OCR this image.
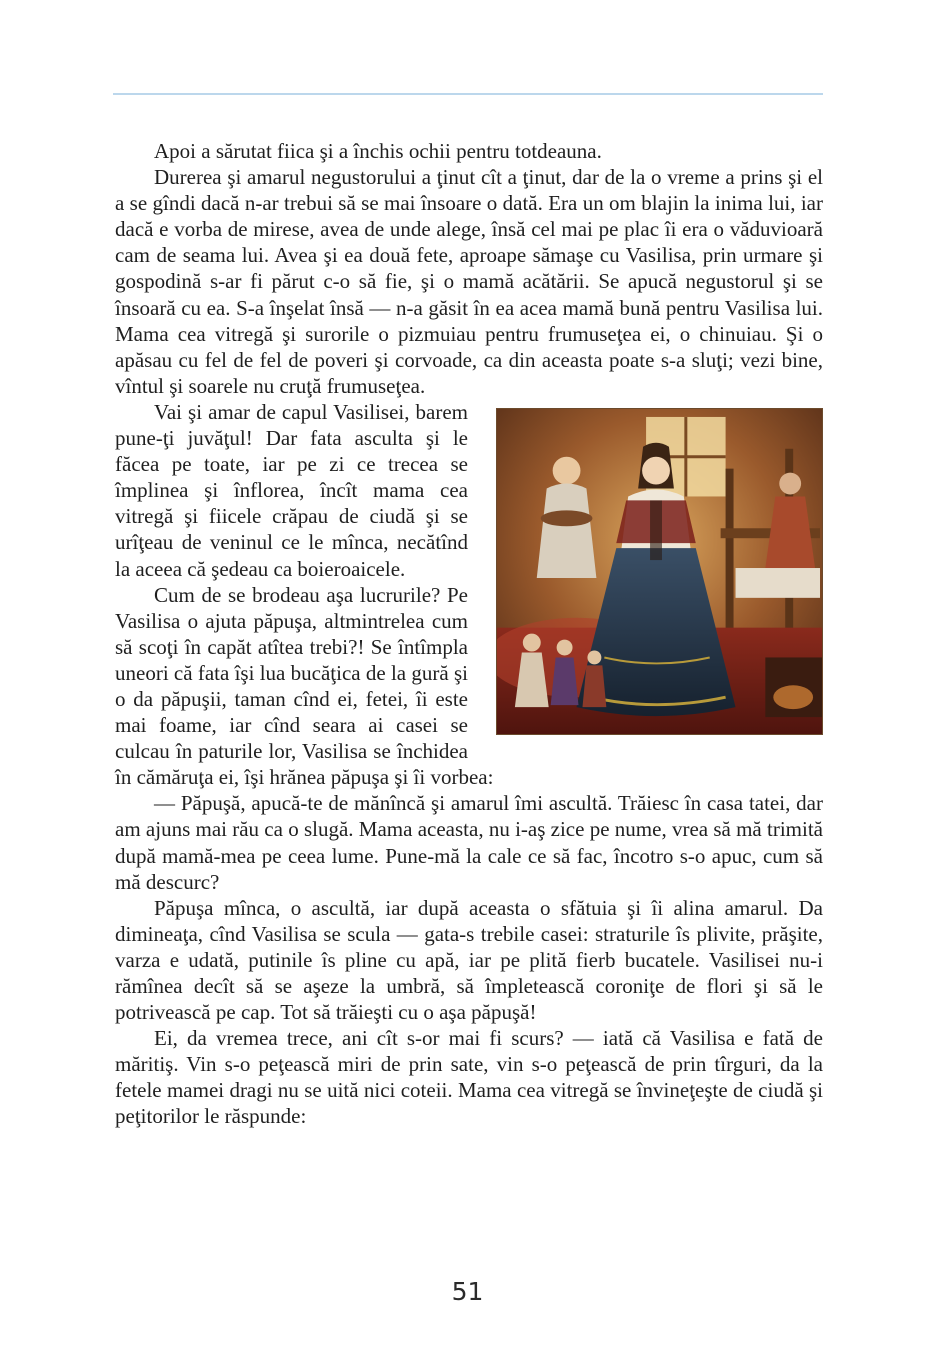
Apoi a sărutat fiica şi a închis ochii pentru totdeauna.

Durerea şi amarul negustorului a ţinut cît a ţinut, dar de la o vreme a prins şi el a se gîndi dacă n-ar trebui să se mai însoare o dată. Era un om blajin la inima lui, iar dacă e vorba de mirese, avea de unde alege, însă cel mai pe plac îi era o văduvioară cam de seama lui. Avea şi ea două fete, aproape sămaşe cu Vasilisa, prin urmare şi gospodină s-ar fi părut c-o să fie, şi o mamă acătării. Se apucă negustorul şi se însoară cu ea. S-a înşelat însă — n-a găsit în ea acea mamă bună pentru Vasilisa lui. Mama cea vitregă şi surorile o pizmuiau pentru frumuseţea ei, o chinuiau. Şi o apăsau cu fel de fel de poveri şi corvoade, ca din aceasta poate s-a sluţi; vezi bine, vîntul şi soarele nu cruţă frumuseţea.

Vai şi amar de capul Vasilisei, barem pune-ţi juvăţul! Dar fata asculta şi le făcea pe toate, iar pe zi ce trecea se împlinea şi înflorea, încît mama cea vitregă şi fiicele crăpau de ciudă şi se urîţeau de veninul ce le mînca, necătînd la aceea că şedeau ca boieroaicele.

Cum de se brodeau aşa lucrurile? Pe Vasilisa o ajuta păpuşa, altmintrelea cum să scoţi în capăt atîtea trebi?! Se întîmpla uneori că fata îşi lua bucăţica de la gură şi o da păpuşii, taman cînd ei, fetei, îi este mai foame, iar cînd seara ai casei se culcau în paturile lor, Vasilisa se închidea în cămăruţa ei, îşi hrănea păpuşa şi îi vorbea:

— Păpuşă, apucă-te de mănîncă şi amarul îmi ascultă. Trăiesc în casa tatei, dar am ajuns mai rău ca o slugă. Mama aceasta, nu i-aş zice pe nume, vrea să mă trimită după mamă-mea pe ceea lume. Pune-mă la cale ce să fac, încotro s-o apuc, cum să mă descurc?

Păpuşa mînca, o ascultă, iar după aceasta o sfătuia şi îi alina amarul. Da dimineaţa, cînd Vasilisa se scula — gata-s trebile casei: straturile îs plivite, prăşite, varza e udată, putinile îs pline cu apă, iar pe plită fierb bucatele. Vasilisei nu-i rămînea decît să se aşeze la umbră, să împletească coroniţe de flori şi să le potrivească pe cap. Tot să trăieşti cu o aşa păpuşă!

Ei, da vremea trece, ani cît s-or mai fi scurs? — iată că Vasilisa e fată de măritiş. Vin s-o peţească miri de prin sate, vin s-o peţească de prin tîrguri, da la fetele mamei dragi nu se uită nici coteii. Mama cea vitregă se învineţeşte de ciudă şi peţitorilor le răspunde:

51
